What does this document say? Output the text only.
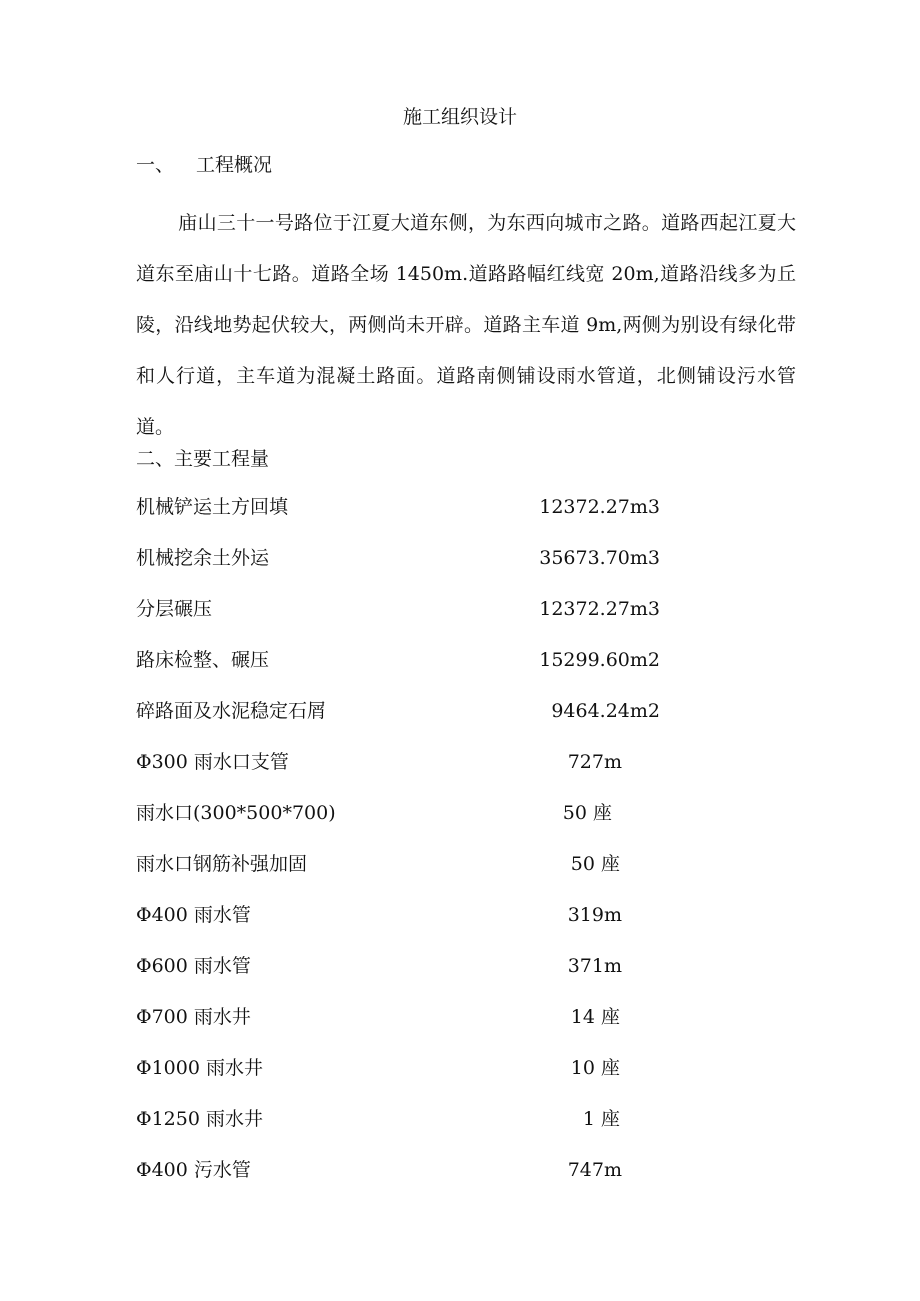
施工组织设计
一、 工程概况
庙山三十一号路位于江夏大道东侧，为东西向城市之路。道路西起江夏大道东至庙山十七路。道路全场 1450m.道路路幅红线宽 20m,道路沿线多为丘陵，沿线地势起伏较大，两侧尚未开辟。道路主车道 9m,两侧为别设有绿化带和人行道，主车道为混凝土路面。道路南侧铺设雨水管道，北侧铺设污水管道。
二、主要工程量
机械铲运土方回填	12372.27m3
机械挖余土外运	35673.70m3
分层碾压	12372.27m3
路床检整、碾压	15299.60m2
碎路面及水泥稳定石屑	9464.24m2
Φ300 雨水口支管	727m
雨水口(300*500*700)	50 座
雨水口钢筋补强加固	50 座
Φ400 雨水管	319m
Φ600 雨水管	371m
Φ700 雨水井	14 座
Φ1000 雨水井	10 座
Φ1250 雨水井	1 座
Φ400 污水管	747m
